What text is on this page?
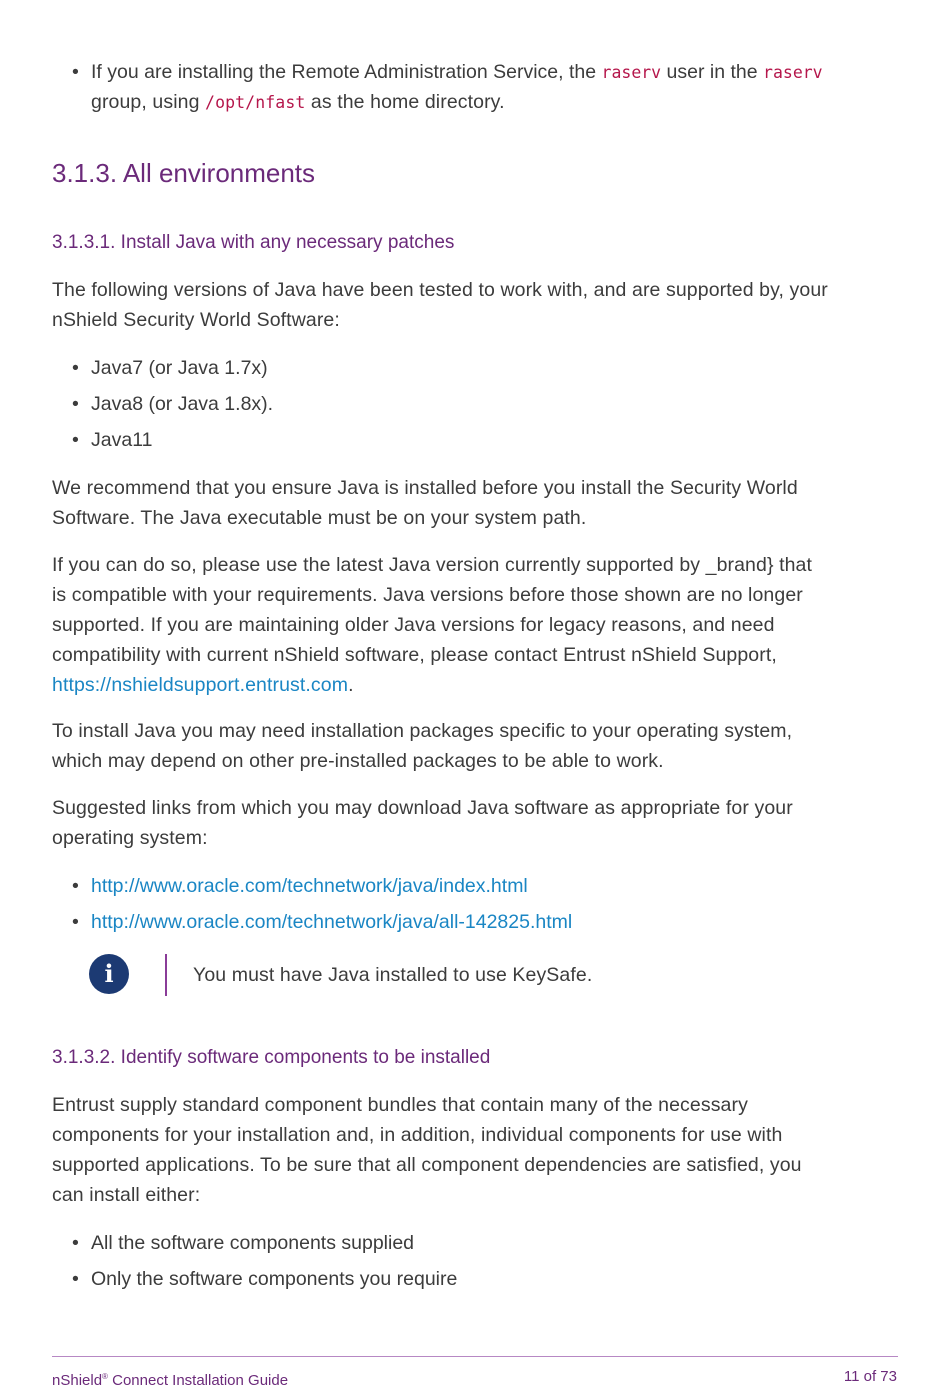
• If you are installing the Remote Administration Service, the raserv user in the raserv
group, using /opt/nfast as the home directory.
3.1.3. All environments
3.1.3.1. Install Java with any necessary patches
The following versions of Java have been tested to work with, and are supported by, your
nShield Security World Software:
• Java7 (or Java 1.7x)
• Java8 (or Java 1.8x).
• Java11
We recommend that you ensure Java is installed before you install the Security World
Software. The Java executable must be on your system path.
If you can do so, please use the latest Java version currently supported by _brand} that
is compatible with your requirements. Java versions before those shown are no longer
supported. If you are maintaining older Java versions for legacy reasons, and need
compatibility with current nShield software, please contact Entrust nShield Support,
https://nshieldsupport.entrust.com.
To install Java you may need installation packages specific to your operating system,
which may depend on other pre-installed packages to be able to work.
Suggested links from which you may download Java software as appropriate for your
operating system:
• http://www.oracle.com/technetwork/java/index.html
• http://www.oracle.com/technetwork/java/all-142825.html
i	You must have Java installed to use KeySafe.
3.1.3.2. Identify software components to be installed
Entrust supply standard component bundles that contain many of the necessary
components for your installation and, in addition, individual components for use with
supported applications. To be sure that all component dependencies are satisfied, you
can install either:
• All the software components supplied
• Only the software components you require
nShield® Connect Installation Guide	11 of 73
